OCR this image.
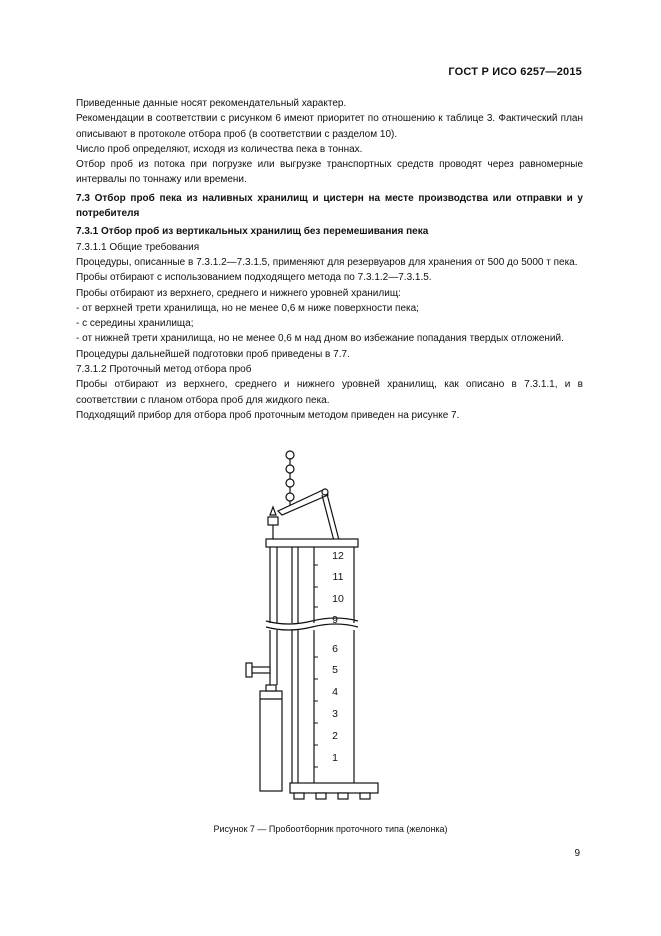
ГОСТ Р ИСО 6257—2015

Приведенные данные носят рекомендательный характер.

Рекомендации в соответствии с рисунком 6 имеют приоритет по отношению к таблице 3. Фактический план описывают в протоколе отбора проб (в соответствии с разделом 10).

Число проб определяют, исходя из количества пека в тоннах.

Отбор проб из потока при погрузке или выгрузке транспортных средств проводят через равномерные интервалы по тоннажу или времени.

7.3 Отбор проб пека из наливных хранилищ и цистерн на месте производства или отправки и у потребителя

7.3.1 Отбор проб из вертикальных хранилищ без перемешивания пека

7.3.1.1 Общие требования

Процедуры, описанные в 7.3.1.2—7.3.1.5, применяют для резервуаров для хранения от 500 до 5000 т пека.

Пробы отбирают с использованием подходящего метода по 7.3.1.2—7.3.1.5.

Пробы отбирают из верхнего, среднего и нижнего уровней хранилищ:

- от верхней трети хранилища, но не менее 0,6 м ниже поверхности пека;

- с середины хранилища;

- от нижней трети хранилища, но не менее 0,6 м над дном во избежание попадания твердых отложений.

Процедуры дальнейшей подготовки проб приведены в 7.7.

7.3.1.2 Проточный метод отбора проб

Пробы отбирают из верхнего, среднего и нижнего уровней хранилищ, как описано в 7.3.1.1, и в соответствии с планом отбора проб для жидкого пека.

Подходящий прибор для отбора проб проточным методом приведен на рисунке 7.

12
11
10
9
6
5
4
3
2
1
Рисунок 7 — Пробоотборник проточного типа (желонка)
9
